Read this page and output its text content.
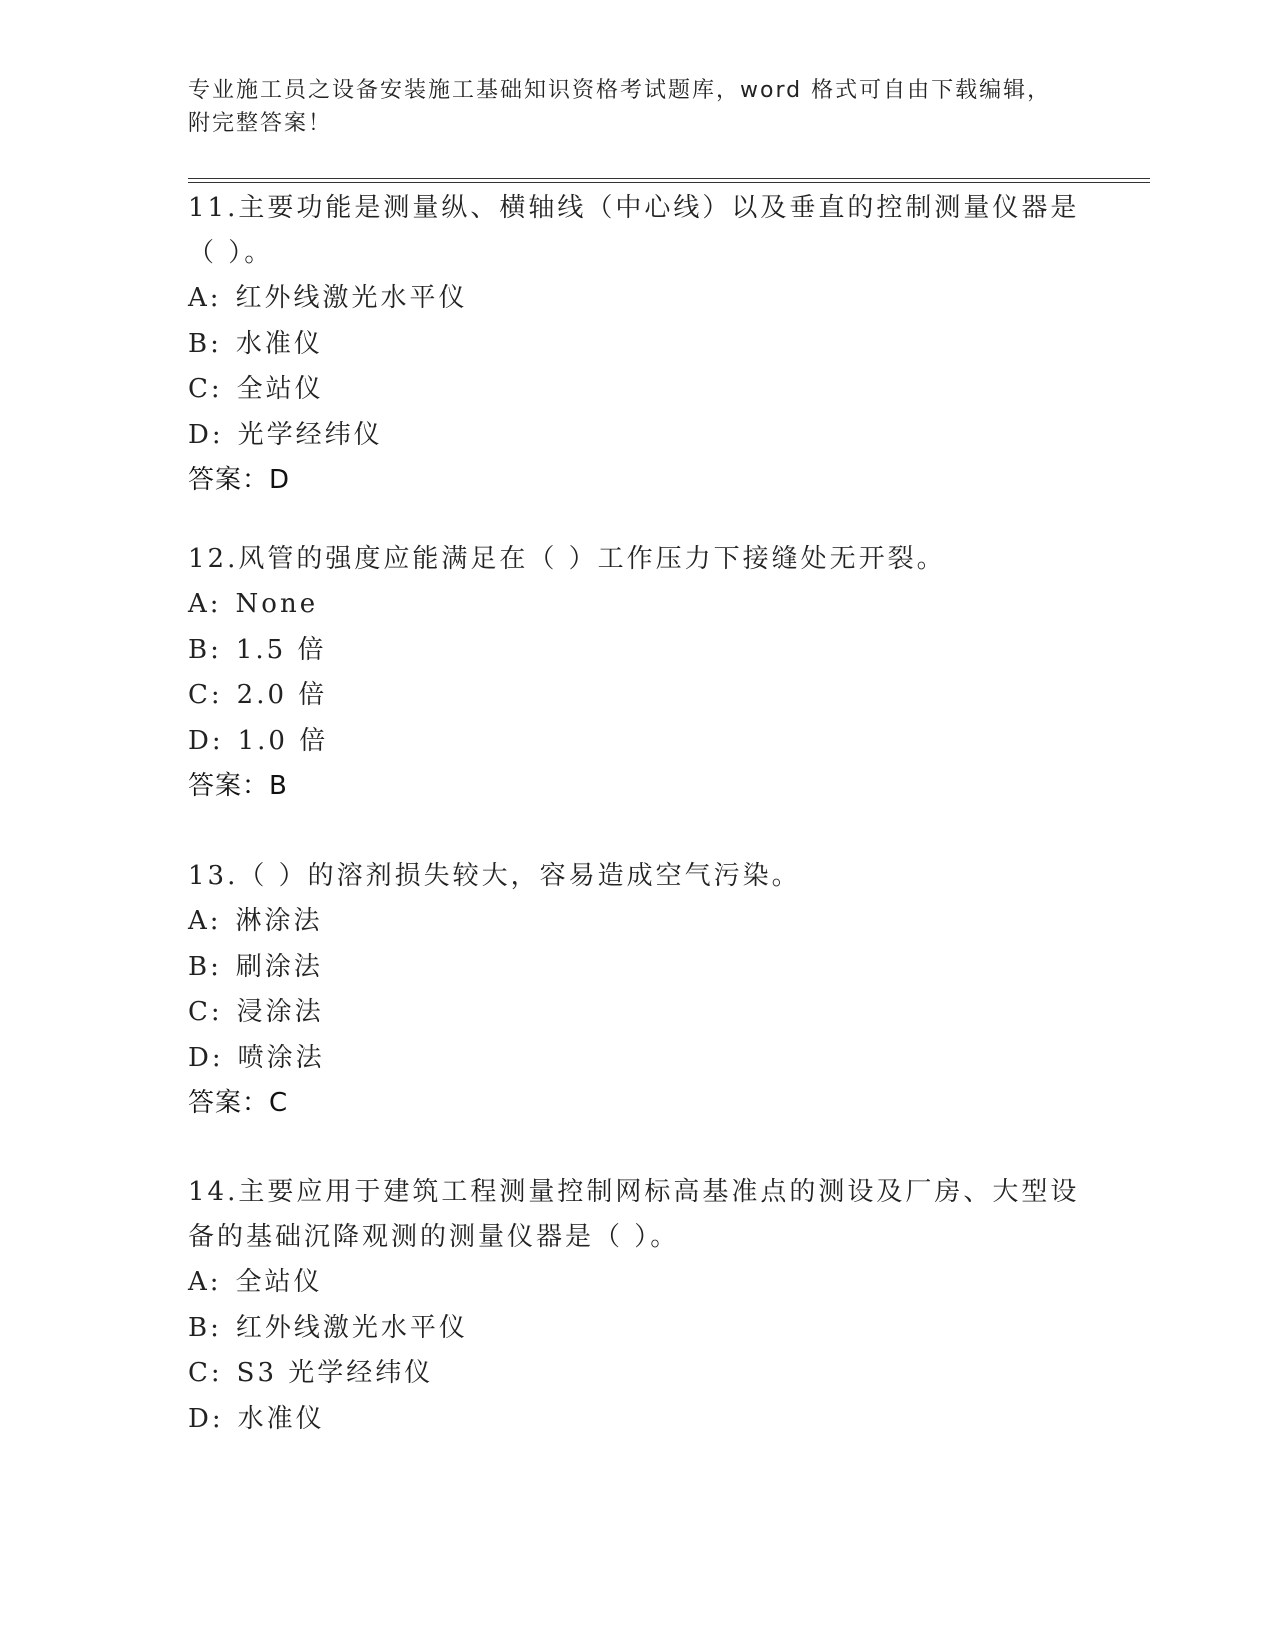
专业施工员之设备安装施工基础知识资格考试题库，word 格式可自由下载编辑，
附完整答案！

11.主要功能是测量纵、横轴线（中心线）以及垂直的控制测量仪器是

（ ）。

A: 红外线激光水平仪

B: 水准仪

C: 全站仪

D: 光学经纬仪

答案：D

12.风管的强度应能满足在（ ）工作压力下接缝处无开裂。

A: None

B: 1.5 倍

C: 2.0 倍

D: 1.0 倍

答案：B

13.（ ）的溶剂损失较大，容易造成空气污染。

A: 淋涂法

B: 刷涂法

C: 浸涂法

D: 喷涂法

答案：C

14.主要应用于建筑工程测量控制网标高基准点的测设及厂房、大型设

备的基础沉降观测的测量仪器是（ ）。

A: 全站仪

B: 红外线激光水平仪

C: S3 光学经纬仪

D: 水准仪
